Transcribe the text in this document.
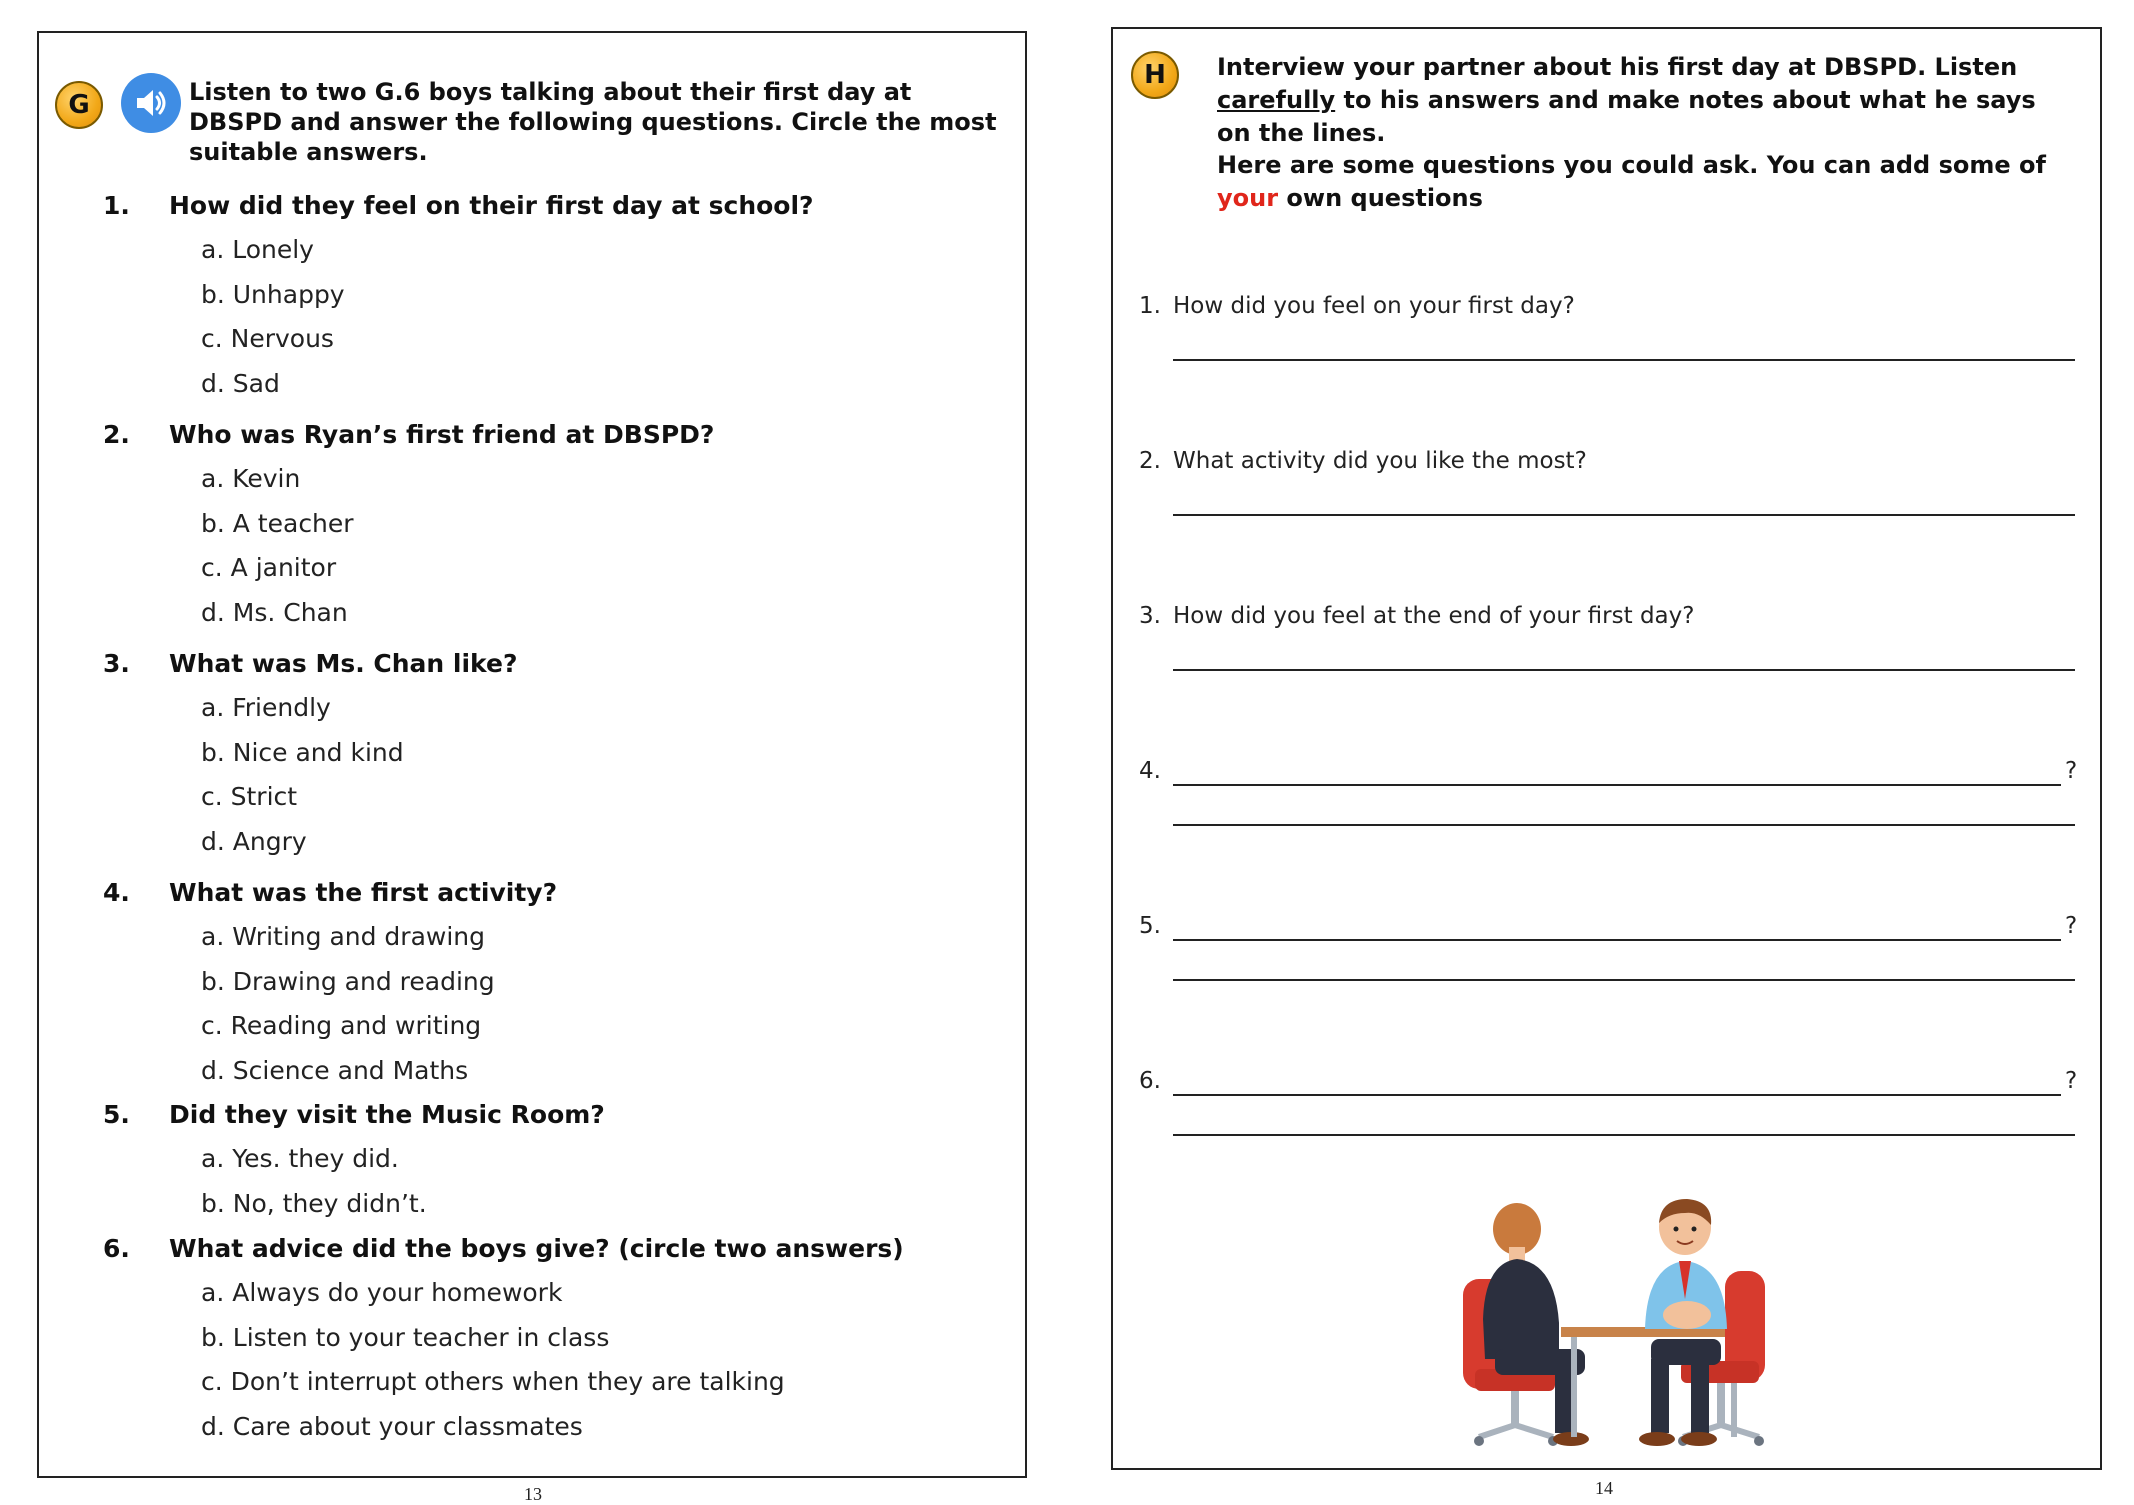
G	Listen to two G.6 boys talking about their first day at DBSPD and answer the following questions. Circle the most suitable answers.
1. How did they feel on their first day at school?
a. Lonely
b. Unhappy
c. Nervous
d. Sad
2. Who was Ryan’s first friend at DBSPD?
a. Kevin
b. A teacher
c. A janitor
d. Ms. Chan
3. What was Ms. Chan like?
a. Friendly
b. Nice and kind
c. Strict
d. Angry
4. What was the first activity?
a. Writing and drawing
b. Drawing and reading
c. Reading and writing
d. Science and Maths
5. Did they visit the Music Room?
a. Yes. they did.
b. No, they didn’t.
6. What advice did the boys give? (circle two answers)
a. Always do your homework
b. Listen to your teacher in class
c. Don’t interrupt others when they are talking
d. Care about your classmates
13
H Interview your partner about his first day at DBSPD. Listen carefully to his answers and make notes about what he says on the lines.
Here are some questions you could ask. You can add some of your own questions
1. How did you feel on your first day?
2. What activity did you like the most?
3. How did you feel at the end of your first day?
4.	?
5.	?
6.	?
14
